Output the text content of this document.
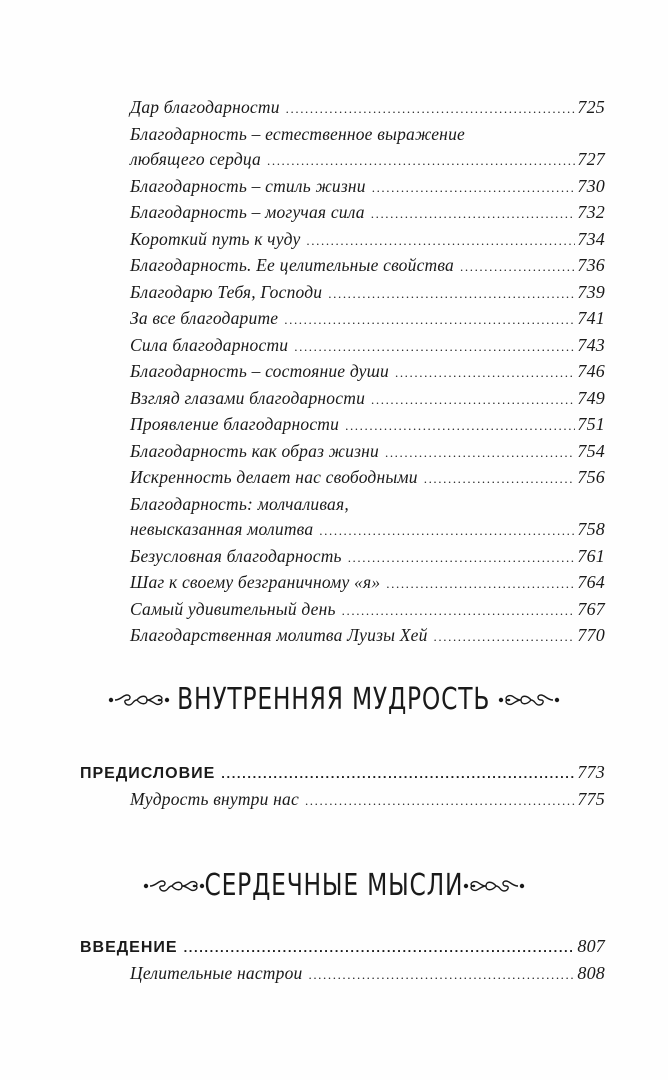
Дар благодарности .....	725
Благодарность – естественное выражение
любящего сердца .....	727
Благодарность – стиль жизни .....	730
Благодарность – могучая сила .....	732
Короткий путь к чуду .....	734
Благодарность. Ее целительные свойства .....	736
Благодарю Тебя, Господи .....	739
За все благодарите .....	741
Сила благодарности .....	743
Благодарность – состояние души .....	746
Взгляд глазами благодарности .....	749
Проявление благодарности .....	751
Благодарность как образ жизни .....	754
Искренность делает нас свободными .....	756
Благодарность: молчаливая,
невысказанная молитва .....	758
Безусловная благодарность .....	761
Шаг к своему безграничному «я» .....	764
Самый удивительный день .....	767
Благодарственная молитва Луизы Хей .....	770
ВНУТРЕННЯЯ МУДРОСТЬ
ПРЕДИСЛОВИЕ .....	773
Мудрость внутри нас .....	775
СЕРДЕЧНЫЕ МЫСЛИ
ВВЕДЕНИЕ .....	807
Целительные настрои .....	808
